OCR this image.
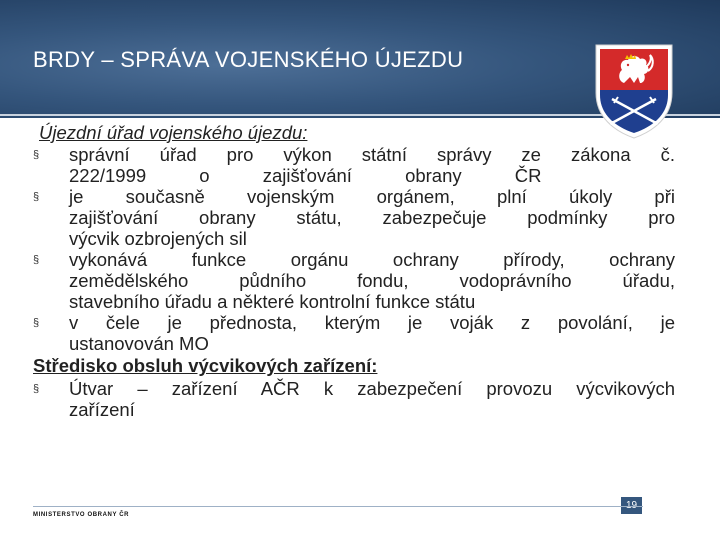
BRDY – SPRÁVA VOJENSKÉHO ÚJEZDU
Újezdní úřad vojenského újezdu:
§ správní úřad pro výkon státní správy ze zákona č.

222/1999 o zajišťování obrany ČR

§ je současně vojenským orgánem, plní úkoly při

zajišťování obrany státu, zabezpečuje podmínky pro

výcvik ozbrojených sil

§ vykonává funkce orgánu ochrany přírody, ochrany

zemědělského půdního fondu, vodoprávního úřadu,

stavebního úřadu a některé kontrolní funkce státu

§ v čele je přednosta, kterým je voják z povolání, je

ustanovován MO

Středisko obsluh výcvikových zařízení:
§ Útvar – zařízení AČR k zabezpečení provozu výcvikových

zařízení

MINISTERSTVO OBRANY ČR
